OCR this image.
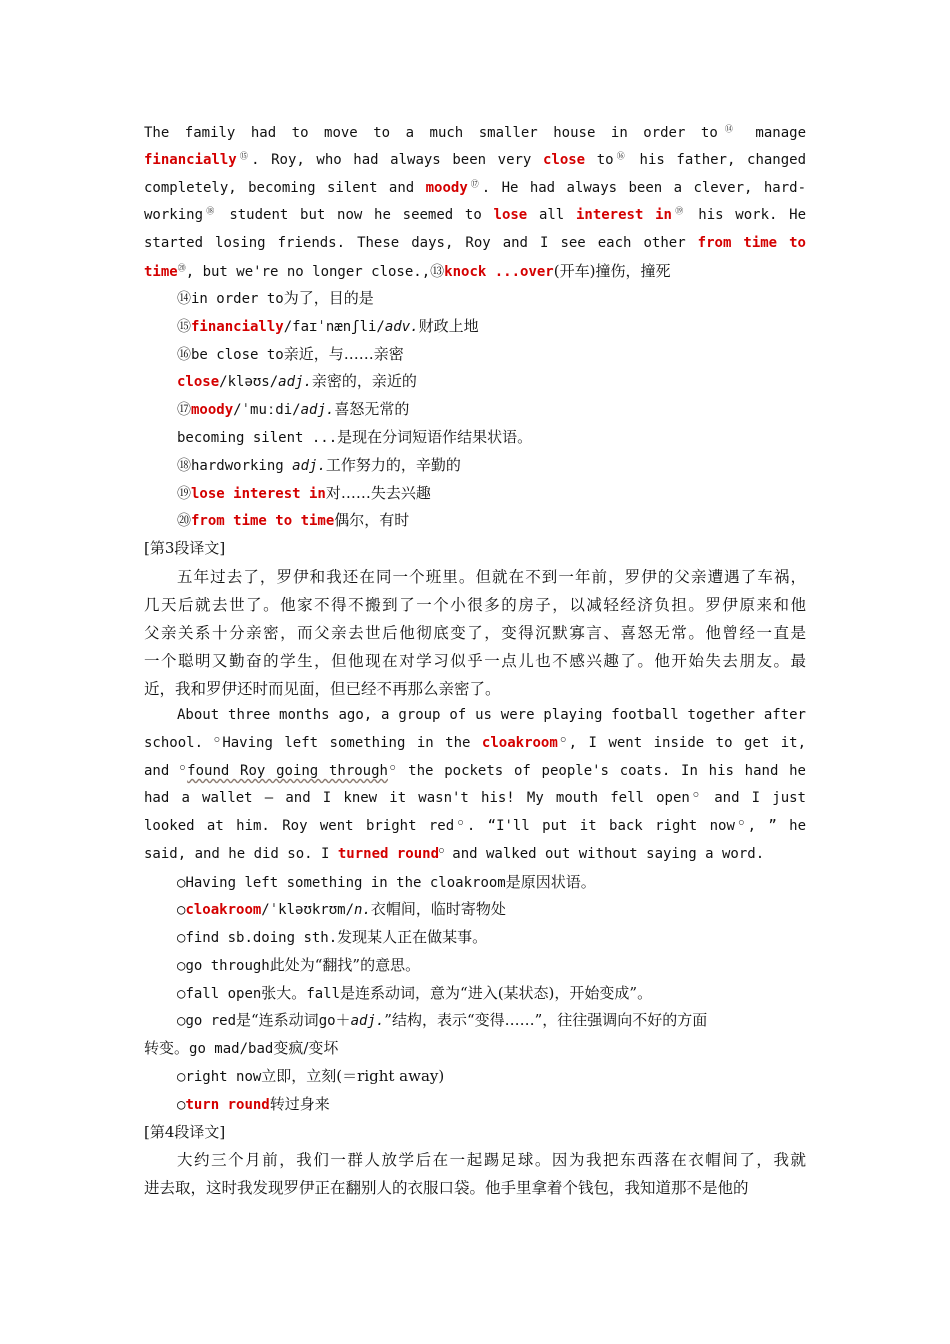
The family had to move to a much smaller house in order to⑭ manage
financially⑮. Roy, who had always been very close to⑯ his father, changed
completely, becoming silent and moody⑰. He had always been a clever, hard-
working⑱ student but now he seemed to lose all interest in⑲ his work. He
started losing friends. These days, Roy and I see each other from time to
time⑳, but we're no longer close.,⑬knock ...over(开车)撞伤，撞死
⑭in order to为了，目的是
⑮financially/faɪˈnænʃli/adv.财政上地
⑯be close to亲近，与……亲密
close/kləʊs/adj.亲密的，亲近的
⑰moody/ˈmuːdi/adj.喜怒无常的
becoming silent ...是现在分词短语作结果状语。
⑱hardworking adj.工作努力的，辛勤的
⑲lose interest in对……失去兴趣
⑳from time to time偶尔，有时
[第3段译文]
五年过去了，罗伊和我还在同一个班里。但就在不到一年前，罗伊的父亲遭遇了车祸，
几天后就去世了。他家不得不搬到了一个小很多的房子，以减轻经济负担。罗伊原来和他
父亲关系十分亲密，而父亲去世后他彻底变了，变得沉默寡言、喜怒无常。他曾经一直是
一个聪明又勤奋的学生，但他现在对学习似乎一点儿也不感兴趣了。他开始失去朋友。最
近，我和罗伊还时而见面，但已经不再那么亲密了。
About three months ago, a group of us were playing football together after
school. ○Having left something in the cloakroom○, I went inside to get it,
and ○found Roy going through○ the pockets of people's coats. In his hand he
had a wallet — and I knew it wasn't his! My mouth fell open○ and I just
looked at him. Roy went bright red○. “I'll put it back right now○, ” he
said, and he did so. I turned round○ and walked out without saying a word.
○Having left something in the cloakroom是原因状语。
○cloakroom/ˈkləʊkrʊm/n.衣帽间，临时寄物处
○find sb.doing sth.发现某人正在做某事。
○go through此处为“翻找”的意思。
○fall open张大。fall是连系动词，意为“进入(某状态)，开始变成”。
○go red是“连系动词go＋adj.”结构，表示“变得……”，往往强调向不好的方面
转变。go mad/bad变疯/变坏
○right now立即，立刻(＝right away)
○turn round转过身来
[第4段译文]
大约三个月前，我们一群人放学后在一起踢足球。因为我把东西落在衣帽间了，我就
进去取，这时我发现罗伊正在翻别人的衣服口袋。他手里拿着个钱包，我知道那不是他的
